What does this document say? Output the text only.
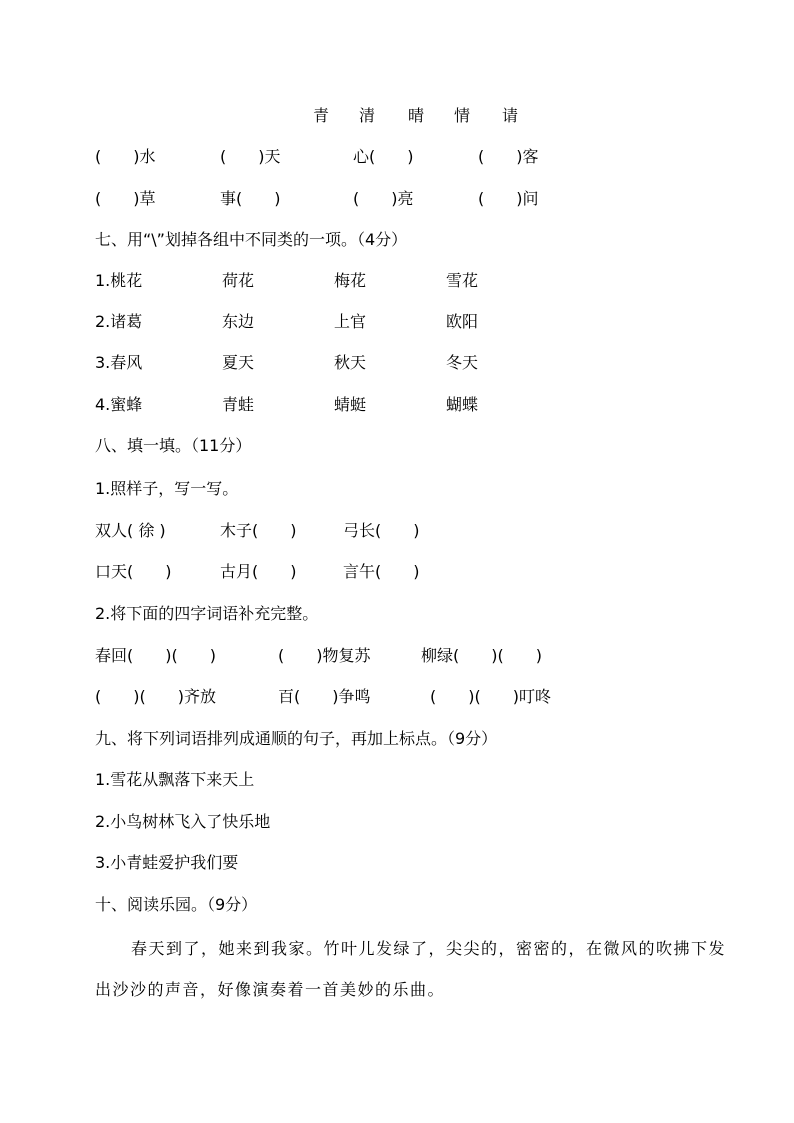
青 清 晴 情 请
(　　)水	(　　)天	心(　　)	(　　)客
(　　)草	事(　　)	(　　)亮	(　　)问
七、用“\”划掉各组中不同类的一项。（4分）
1.桃花	荷花	梅花	雪花
2.诸葛	东边	上官	欧阳
3.春风	夏天	秋天	冬天
4.蜜蜂	青蛙	蜻蜓	蝴蝶
八、填一填。（11分）
1.照样子，写一写。
双人( 徐 )	木子(　　)	弓长(　　)
口天(　　)	古月(　　)	言午(　　)
2.将下面的四字词语补充完整。
春回(　　)(　　)	(　　)物复苏	柳绿(　　)(　　)
(　　)(　　)齐放	百(　　)争鸣	(　　)(　　)叮咚
九、将下列词语排列成通顺的句子，再加上标点。（9分）
1.雪花从飘落下来天上
2.小鸟树林飞入了快乐地
3.小青蛙爱护我们要
十、阅读乐园。（9分）
春天到了，她来到我家。竹叶儿发绿了，尖尖的，密密的，在微风的吹拂下发出沙沙的声音，好像演奏着一首美妙的乐曲。
